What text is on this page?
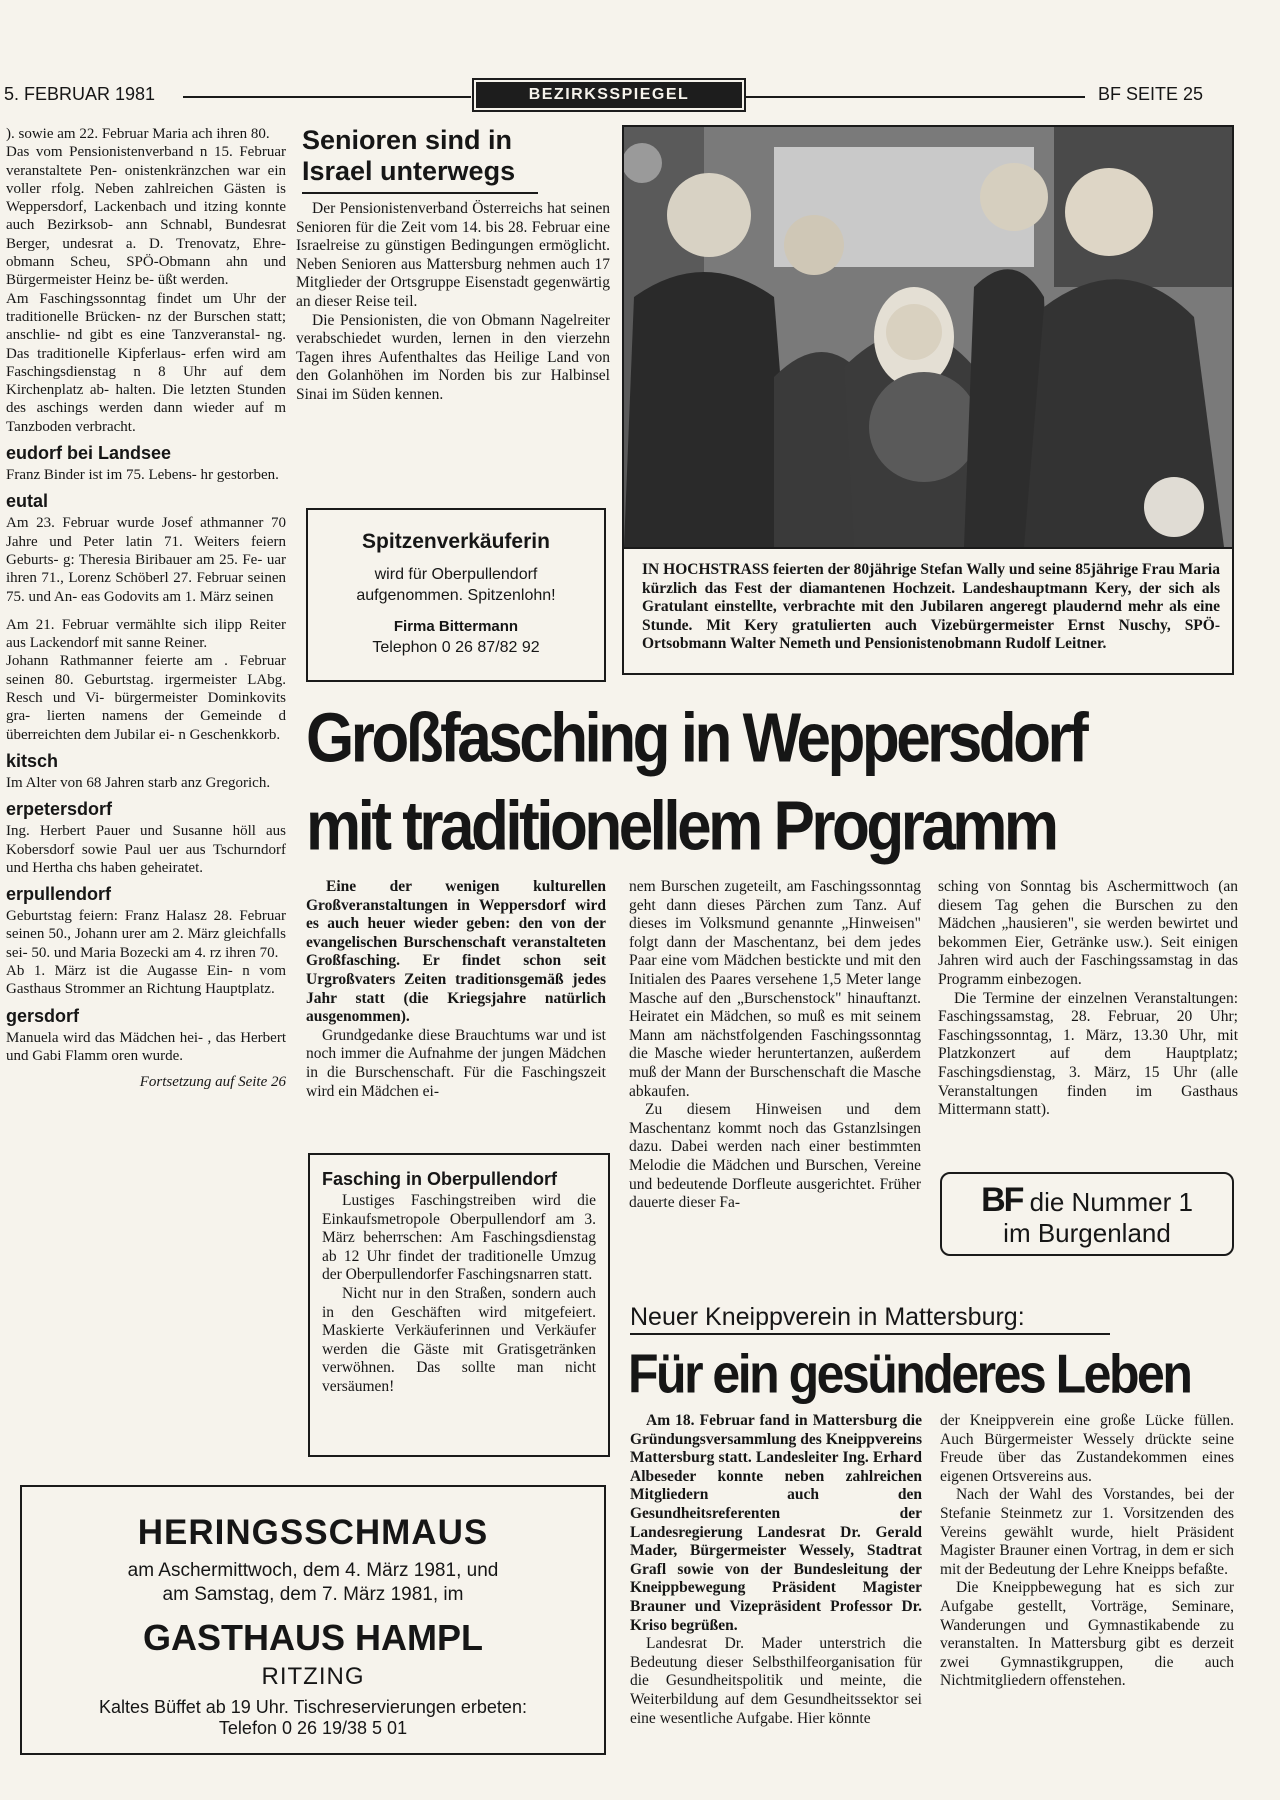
5. FEBRUAR 1981	BEZIRKSSPIEGEL	BF SEITE 25

). sowie am 22. Februar Maria ach ihren 80.

Das vom Pensionistenverband n 15. Februar veranstaltete Pen- onistenkränzchen war ein voller rfolg. Neben zahlreichen Gästen is Weppersdorf, Lackenbach und itzing konnte auch Bezirksob- ann Schnabl, Bundesrat Berger, undesrat a. D. Trenovatz, Ehre- obmann Scheu, SPÖ-Obmann ahn und Bürgermeister Heinz be- üßt werden.

Am Faschingssonntag findet um Uhr der traditionelle Brücken- nz der Burschen statt; anschlie- nd gibt es eine Tanzveranstal- ng. Das traditionelle Kipferlaus- erfen wird am Faschingsdienstag n 8 Uhr auf dem Kirchenplatz ab- halten. Die letzten Stunden des aschings werden dann wieder auf m Tanzboden verbracht.

eudorf bei Landsee

Franz Binder ist im 75. Lebens- hr gestorben.

eutal

Am 23. Februar wurde Josef athmanner 70 Jahre und Peter latin 71. Weiters feiern Geburts- g: Theresia Biribauer am 25. Fe- uar ihren 71., Lorenz Schöberl 27. Februar seinen 75. und An- eas Godovits am 1. März seinen

Am 21. Februar vermählte sich ilipp Reiter aus Lackendorf mit sanne Reiner.

Johann Rathmanner feierte am . Februar seinen 80. Geburtstag. irgermeister LAbg. Resch und Vi- bürgermeister Dominkovits gra- lierten namens der Gemeinde d überreichten dem Jubilar ei- n Geschenkkorb.

kitsch

Im Alter von 68 Jahren starb anz Gregorich.

erpetersdorf

Ing. Herbert Pauer und Susanne höll aus Kobersdorf sowie Paul uer aus Tschurndorf und Hertha chs haben geheiratet.

erpullendorf

Geburtstag feiern: Franz Halasz 28. Februar seinen 50., Johann urer am 2. März gleichfalls sei- 50. und Maria Bozecki am 4. rz ihren 70.

Ab 1. März ist die Augasse Ein- n vom Gasthaus Strommer an Richtung Hauptplatz.

gersdorf

Manuela wird das Mädchen hei- , das Herbert und Gabi Flamm oren wurde.

Fortsetzung auf Seite 26

Senioren sind in Israel unterwegs

Der Pensionistenverband Österreichs hat seinen Senioren für die Zeit vom 14. bis 28. Februar eine Israelreise zu günstigen Bedingungen ermöglicht. Neben Senioren aus Mattersburg nehmen auch 17 Mitglieder der Ortsgruppe Eisenstadt gegenwärtig an dieser Reise teil.

Die Pensionisten, die von Obmann Nagelreiter verabschiedet wurden, lernen in den vierzehn Tagen ihres Aufenthaltes das Heilige Land von den Golanhöhen im Norden bis zur Halbinsel Sinai im Süden kennen.

Spitzenverkäuferin
wird für Oberpullendorf aufgenommen. Spitzenlohn!
Firma Bittermann
Telephon 0 26 87/82 92
IN HOCHSTRASS feierten der 80jährige Stefan Wally und seine 85jährige Frau Maria kürzlich das Fest der diamantenen Hochzeit. Landeshauptmann Kery, der sich als Gratulant einstellte, verbrachte mit den Jubilaren angeregt plaudernd mehr als eine Stunde. Mit Kery gratulierten auch Vizebürgermeister Ernst Nuschy, SPÖ-Ortsobmann Walter Nemeth und Pensionistenobmann Rudolf Leitner.
Großfasching in Weppersdorf
mit traditionellem Programm

Eine der wenigen kulturellen Großveranstaltungen in Weppersdorf wird es auch heuer wieder geben: den von der evangelischen Burschenschaft veranstalteten Großfasching. Er findet schon seit Urgroßvaters Zeiten traditionsgemäß jedes Jahr statt (die Kriegsjahre natürlich ausgenommen).

Grundgedanke diese Brauchtums war und ist noch immer die Aufnahme der jungen Mädchen in die Burschenschaft. Für die Faschingszeit wird ein Mädchen ei-

nem Burschen zugeteilt, am Faschingssonntag geht dann dieses Pärchen zum Tanz. Auf dieses im Volksmund genannte „Hinweisen" folgt dann der Maschentanz, bei dem jedes Paar eine vom Mädchen bestickte und mit den Initialen des Paares versehene 1,5 Meter lange Masche auf den „Burschenstock" hinauftanzt. Heiratet ein Mädchen, so muß es mit seinem Mann am nächstfolgenden Faschingssonntag die Masche wieder heruntertanzen, außerdem muß der Mann der Burschenschaft die Masche abkaufen.

Zu diesem Hinweisen und dem Maschentanz kommt noch das Gstanzlsingen dazu. Dabei werden nach einer bestimmten Melodie die Mädchen und Burschen, Vereine und bedeutende Dorfleute ausgerichtet. Früher dauerte dieser Fa-

sching von Sonntag bis Aschermittwoch (an diesem Tag gehen die Burschen zu den Mädchen „hausieren", sie werden bewirtet und bekommen Eier, Getränke usw.). Seit einigen Jahren wird auch der Faschingssamstag in das Programm einbezogen.

Die Termine der einzelnen Veranstaltungen: Faschingssamstag, 28. Februar, 20 Uhr; Faschingssonntag, 1. März, 13.30 Uhr, mit Platzkonzert auf dem Hauptplatz; Faschingsdienstag, 3. März, 15 Uhr (alle Veranstaltungen finden im Gasthaus Mittermann statt).

Fasching in Oberpullendorf

Lustiges Faschingstreiben wird die Einkaufsmetropole Oberpullendorf am 3. März beherrschen: Am Faschingsdienstag ab 12 Uhr findet der traditionelle Umzug der Oberpullendorfer Faschingsnarren statt.

Nicht nur in den Straßen, sondern auch in den Geschäften wird mitgefeiert. Maskierte Verkäuferinnen und Verkäufer werden die Gäste mit Gratisgetränken verwöhnen. Das sollte man nicht versäumen!

BF die Nummer 1
im Burgenland
Neuer Kneippverein in Mattersburg:
Für ein gesünderes Leben

Am 18. Februar fand in Mattersburg die Gründungsversammlung des Kneippvereins Mattersburg statt. Landesleiter Ing. Erhard Albeseder konnte neben zahlreichen Mitgliedern auch den Gesundheitsreferenten der Landesregierung Landesrat Dr. Gerald Mader, Bürgermeister Wessely, Stadtrat Grafl sowie von der Bundesleitung der Kneippbewegung Präsident Magister Brauner und Vizepräsident Professor Dr. Kriso begrüßen.

Landesrat Dr. Mader unterstrich die Bedeutung dieser Selbsthilfeorganisation für die Gesundheitspolitik und meinte, die Weiterbildung auf dem Gesundheitssektor sei eine wesentliche Aufgabe. Hier könnte

der Kneippverein eine große Lücke füllen. Auch Bürgermeister Wessely drückte seine Freude über das Zustandekommen eines eigenen Ortsvereins aus.

Nach der Wahl des Vorstandes, bei der Stefanie Steinmetz zur 1. Vorsitzenden des Vereins gewählt wurde, hielt Präsident Magister Brauner einen Vortrag, in dem er sich mit der Bedeutung der Lehre Kneipps befaßte.

Die Kneippbewegung hat es sich zur Aufgabe gestellt, Vorträge, Seminare, Wanderungen und Gymnastikabende zu veranstalten. In Mattersburg gibt es derzeit zwei Gymnastikgruppen, die auch Nichtmitgliedern offenstehen.

HERINGSSCHMAUS
am Aschermittwoch, dem 4. März 1981, und
am Samstag, dem 7. März 1981, im
GASTHAUS HAMPL
RITZING
Kaltes Büffet ab 19 Uhr. Tischreservierungen erbeten:
Telefon 0 26 19/38 5 01
